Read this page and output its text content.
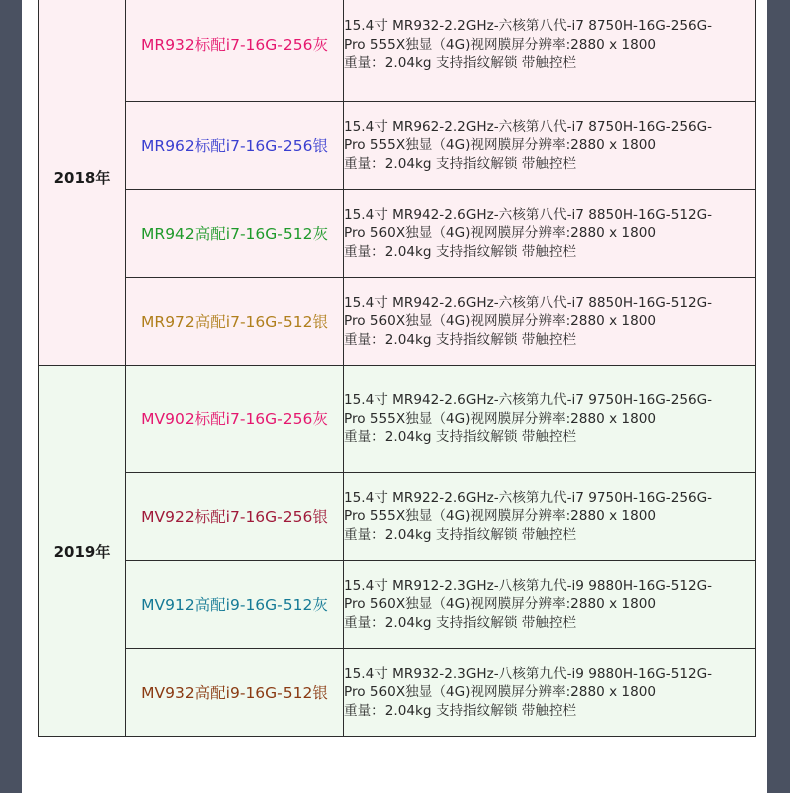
2018年	MR932标配i7-16G-256灰	15.4寸 MR932-2.2GHz-六核第八代-i7 8750H-16G-256G-
Pro 555X独显（4G)视网膜屏分辨率:2880 x 1800
重量：2.04kg 支持指纹解锁 带触控栏

	MR962标配i7-16G-256银	15.4寸 MR962-2.2GHz-六核第八代-i7 8750H-16G-256G-
Pro 555X独显（4G)视网膜屏分辨率:2880 x 1800
重量：2.04kg 支持指纹解锁 带触控栏

	MR942高配i7-16G-512灰	15.4寸 MR942-2.6GHz-六核第八代-i7 8850H-16G-512G-
Pro 560X独显（4G)视网膜屏分辨率:2880 x 1800
重量：2.04kg 支持指纹解锁 带触控栏

	MR972高配i7-16G-512银	15.4寸 MR942-2.6GHz-六核第八代-i7 8850H-16G-512G-
Pro 560X独显（4G)视网膜屏分辨率:2880 x 1800
重量：2.04kg 支持指纹解锁 带触控栏

2019年	MV902标配i7-16G-256灰	15.4寸 MR942-2.6GHz-六核第九代-i7 9750H-16G-256G-
Pro 555X独显（4G)视网膜屏分辨率:2880 x 1800
重量：2.04kg 支持指纹解锁 带触控栏

	MV922标配i7-16G-256银	15.4寸 MR922-2.6GHz-六核第九代-i7 9750H-16G-256G-
Pro 555X独显（4G)视网膜屏分辨率:2880 x 1800
重量：2.04kg 支持指纹解锁 带触控栏

	MV912高配i9-16G-512灰	15.4寸 MR912-2.3GHz-八核第九代-i9 9880H-16G-512G-
Pro 560X独显（4G)视网膜屏分辨率:2880 x 1800
重量：2.04kg 支持指纹解锁 带触控栏

	MV932高配i9-16G-512银	15.4寸 MR932-2.3GHz-八核第九代-i9 9880H-16G-512G-
Pro 560X独显（4G)视网膜屏分辨率:2880 x 1800
重量：2.04kg 支持指纹解锁 带触控栏
